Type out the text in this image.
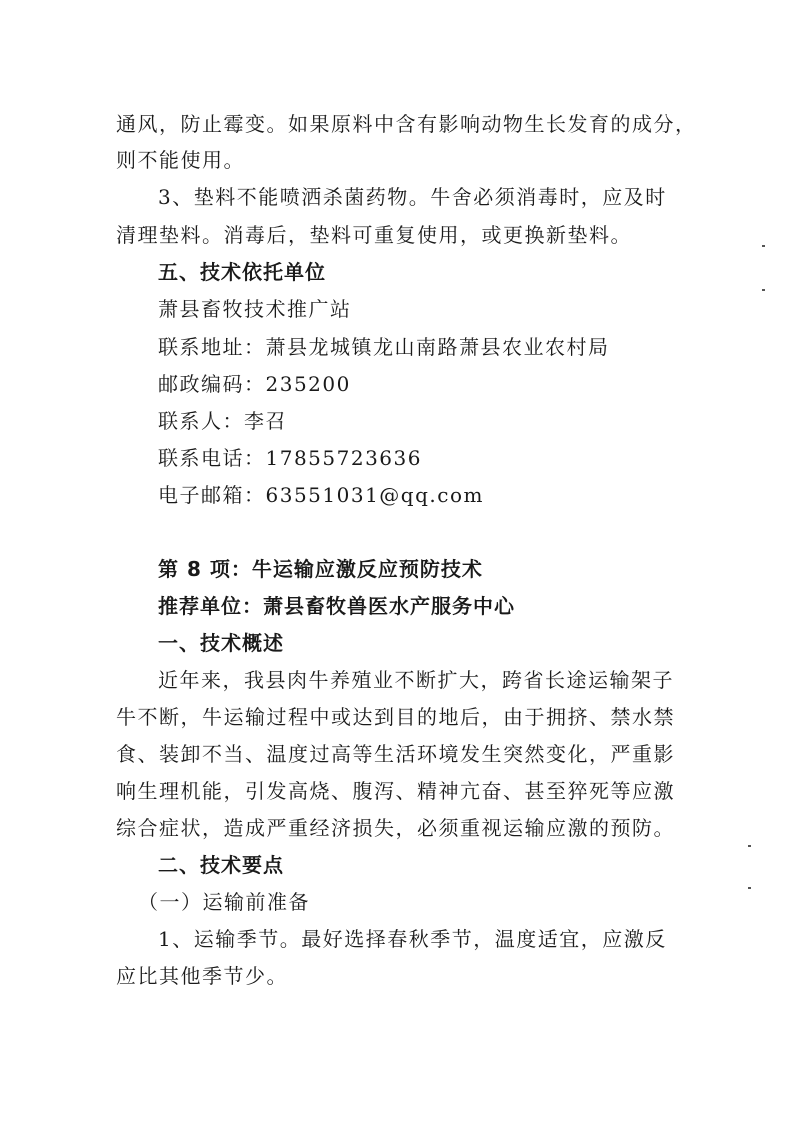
通风，防止霉变。如果原料中含有影响动物生长发育的成分，
则不能使用。
3、垫料不能喷洒杀菌药物。牛舍必须消毒时，应及时
清理垫料。消毒后，垫料可重复使用，或更换新垫料。
五、技术依托单位
萧县畜牧技术推广站
联系地址：萧县龙城镇龙山南路萧县农业农村局
邮政编码：235200
联系人：李召
联系电话：17855723636
电子邮箱：63551031@qq.com
第 8 项：牛运输应激反应预防技术
推荐单位：萧县畜牧兽医水产服务中心
一、技术概述
近年来，我县肉牛养殖业不断扩大，跨省长途运输架子
牛不断，牛运输过程中或达到目的地后，由于拥挤、禁水禁
食、装卸不当、温度过高等生活环境发生突然变化，严重影
响生理机能，引发高烧、腹泻、精神亢奋、甚至猝死等应激
综合症状，造成严重经济损失，必须重视运输应激的预防。
二、技术要点
（一）运输前准备
1、运输季节。最好选择春秋季节，温度适宜，应激反
应比其他季节少。
